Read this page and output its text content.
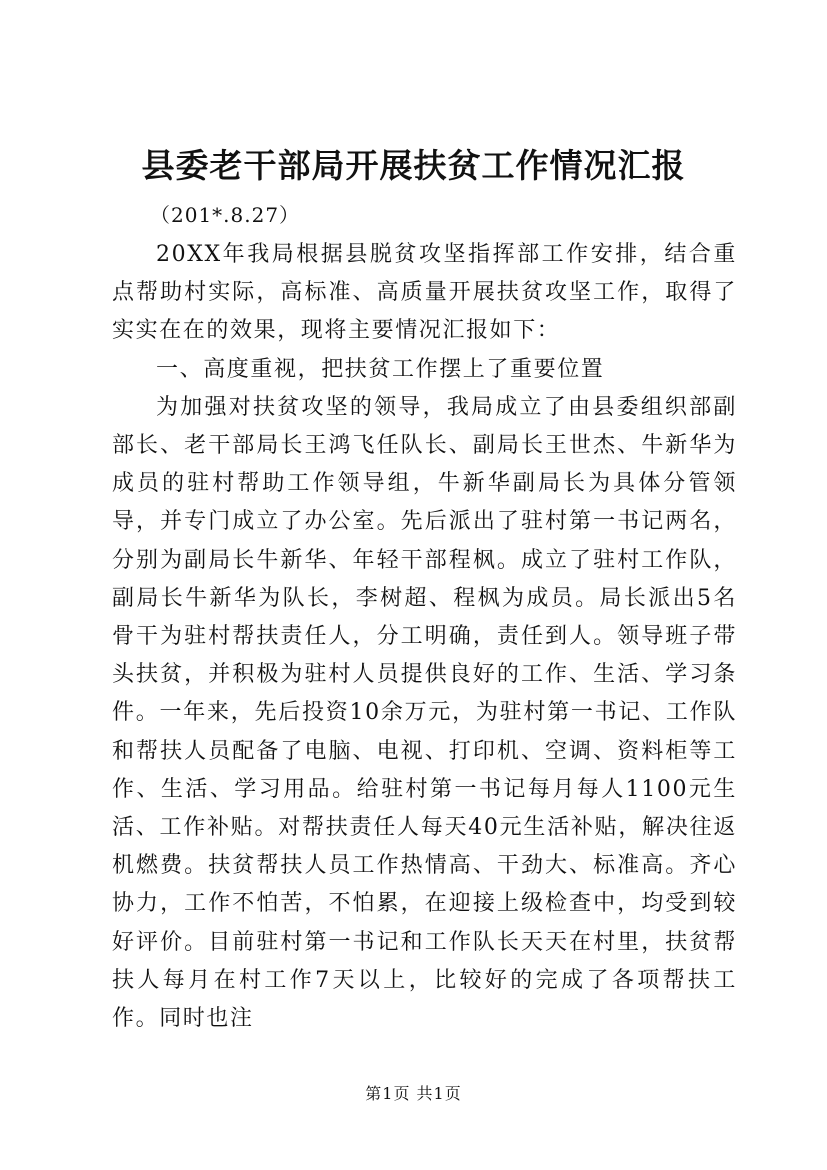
县委老干部局开展扶贫工作情况汇报
（201*.8.27）

20XX年我局根据县脱贫攻坚指挥部工作安排，结合重点帮助村实际，高标准、高质量开展扶贫攻坚工作，取得了实实在在的效果，现将主要情况汇报如下：

一、高度重视，把扶贫工作摆上了重要位置

为加强对扶贫攻坚的领导，我局成立了由县委组织部副部长、老干部局长王鸿飞任队长、副局长王世杰、牛新华为成员的驻村帮助工作领导组，牛新华副局长为具体分管领导，并专门成立了办公室。先后派出了驻村第一书记两名，分别为副局长牛新华、年轻干部程枫。成立了驻村工作队，副局长牛新华为队长，李树超、程枫为成员。局长派出5名骨干为驻村帮扶责任人，分工明确，责任到人。领导班子带头扶贫，并积极为驻村人员提供良好的工作、生活、学习条件。一年来，先后投资10余万元，为驻村第一书记、工作队和帮扶人员配备了电脑、电视、打印机、空调、资料柜等工作、生活、学习用品。给驻村第一书记每月每人1100元生活、工作补贴。对帮扶责任人每天40元生活补贴，解决往返机燃费。扶贫帮扶人员工作热情高、干劲大、标准高。齐心协力，工作不怕苦，不怕累，在迎接上级检查中，均受到较好评价。目前驻村第一书记和工作队长天天在村里，扶贫帮扶人每月在村工作7天以上，比较好的完成了各项帮扶工作。同时也注

第1页 共1页
